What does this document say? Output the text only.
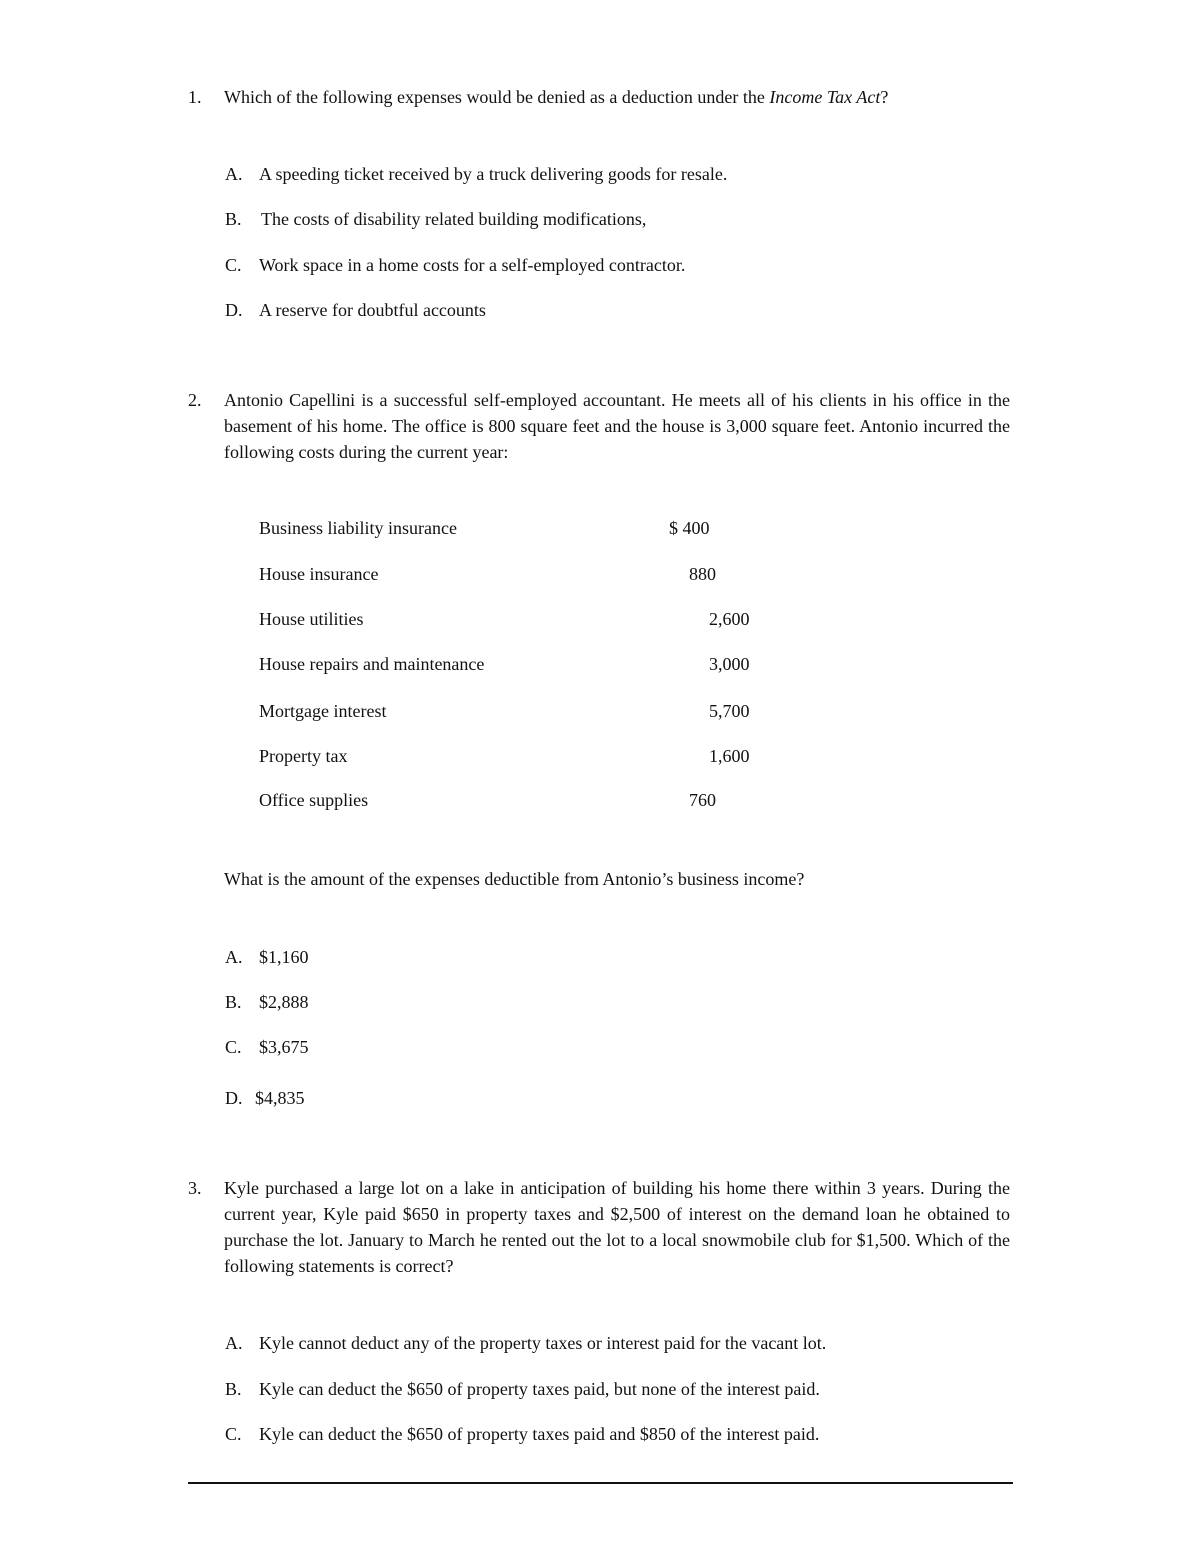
1. Which of the following expenses would be denied as a deduction under the Income Tax Act?
A. A speeding ticket received by a truck delivering goods for resale.
B. The costs of disability related building modifications,
C. Work space in a home costs for a self-employed contractor.
D. A reserve for doubtful accounts
2. Antonio Capellini is a successful self-employed accountant. He meets all of his clients in his office in the basement of his home. The office is 800 square feet and the house is 3,000 square feet. Antonio incurred the following costs during the current year:
Business liability insurance	$ 400
House insurance	880
House utilities	2,600
House repairs and maintenance	3,000
Mortgage interest	5,700
Property tax	1,600
Office supplies	760
What is the amount of the expenses deductible from Antonio’s business income?
A. $1,160
B. $2,888
C. $3,675
D. $4,835
3. Kyle purchased a large lot on a lake in anticipation of building his home there within 3 years. During the current year, Kyle paid $650 in property taxes and $2,500 of interest on the demand loan he obtained to purchase the lot. January to March he rented out the lot to a local snowmobile club for $1,500. Which of the following statements is correct?
A. Kyle cannot deduct any of the property taxes or interest paid for the vacant lot.
B. Kyle can deduct the $650 of property taxes paid, but none of the interest paid.
C. Kyle can deduct the $650 of property taxes paid and $850 of the interest paid.
